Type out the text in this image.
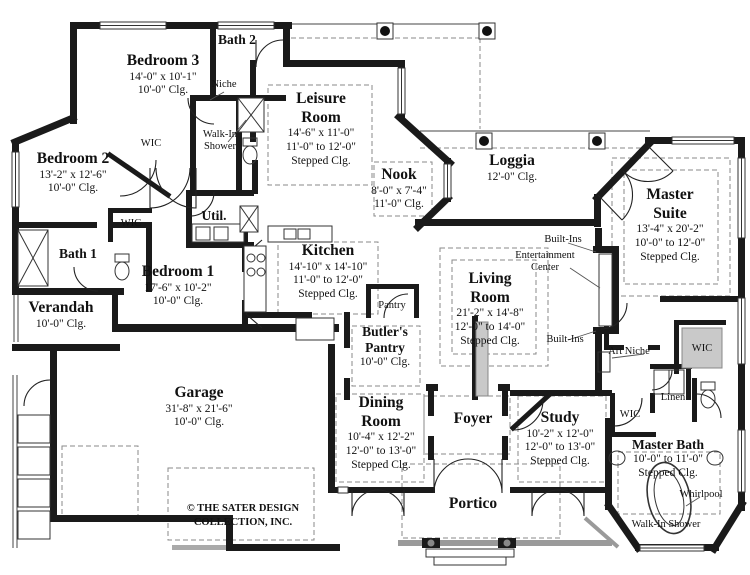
Bedroom 3
14'-0" x 10'-1"
10'-0" Clg.
Bath 2
Niche
Walk-In Shower
WIC
Bedroom 2
13'-2" x 12'-6"
10'-0" Clg.
WIC
Bath 1
Util.
Bedroom 1
17'-6" x 10'-2"
10'-0" Clg.
Verandah
10'-0" Clg.
Leisure Room
14'-6" x 11'-0"
11'-0" to 12'-0"
Stepped Clg.
Nook
8'-0" x 7'-4"
11'-0" Clg.
Kitchen
14'-10" x 14'-10"
11'-0" to 12'-0"
Stepped Clg.
Pantry
Butler's Pantry
10'-0" Clg.
Loggia
12'-0" Clg.
Living Room
21'-2" x 14'-8"
12'-0" to 14'-0"
Stepped Clg.
Built-Ins
Entertainment Center
Built-Ins
Master Suite
13'-4" x 20'-2"
10'-0" to 12'-0"
Stepped Clg.
Art Niche	WIC
Linen
WIC
Master Bath
10'-0" to 11'-0"
Stepped Clg.
Whirlpool
Walk-In Shower
Garage
31'-8" x 21'-6"
10'-0" Clg.
Dining Room
10'-4" x 12'-2"
12'-0" to 13'-0"
Stepped Clg.
Foyer	Study
10'-2" x 12'-0"
12'-0" to 13'-0"
Stepped Clg.
Portico
© THE SATER DESIGN
COLLECTION, INC.
